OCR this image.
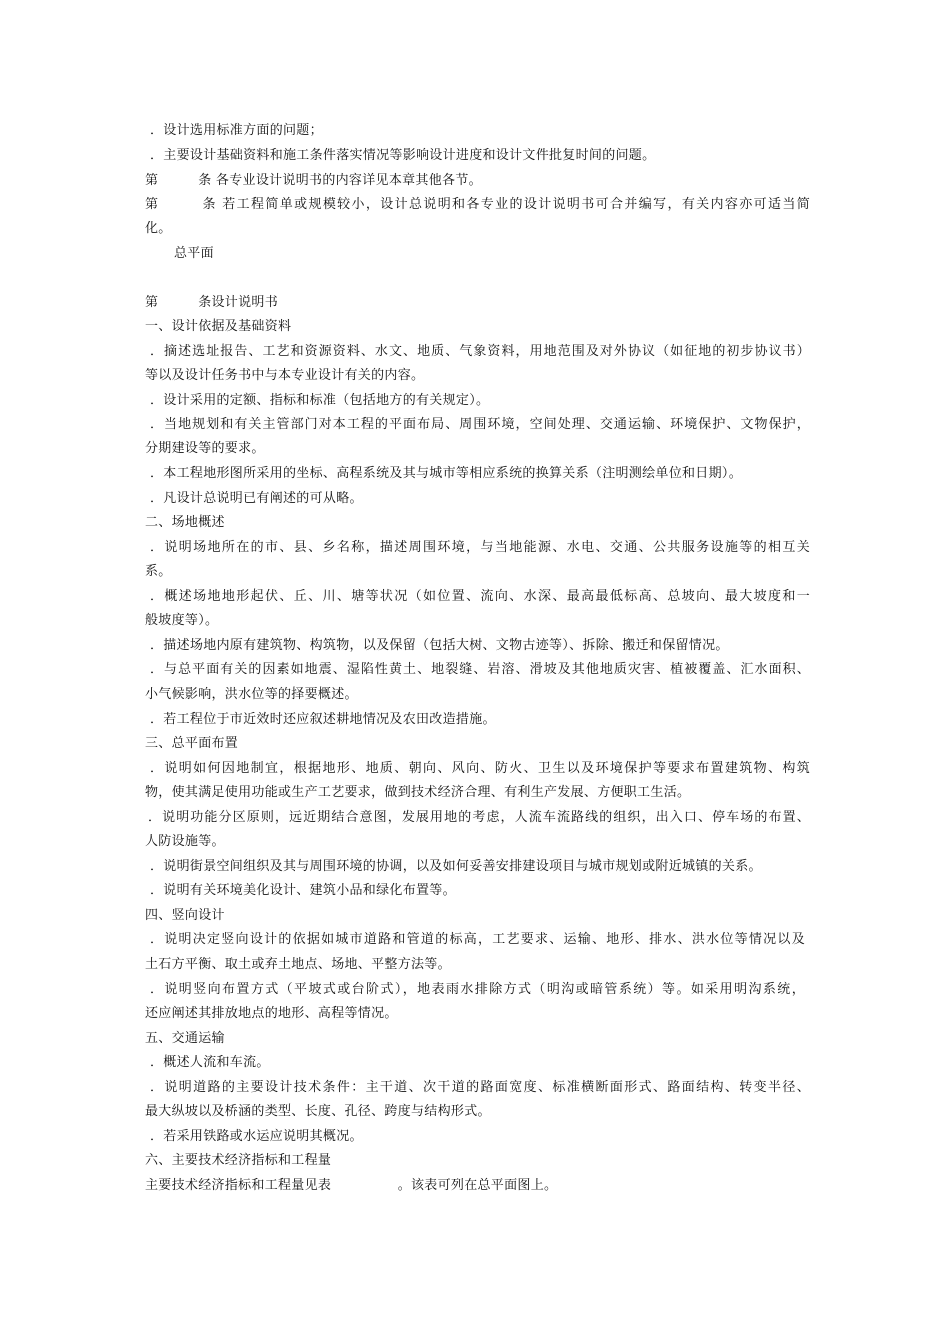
．设计选用标准方面的问题；
．主要设计基础资料和施工条件落实情况等影响设计进度和设计文件批复时间的问题。
第　　　条 各专业设计说明书的内容详见本章其他各节。
第　　　条 若工程简单或规模较小，设计总说明和各专业的设计说明书可合并编写，有关内容亦可适当简
化。
总平面
第　　　条设计说明书
一、设计依据及基础资料
．摘述选址报告、工艺和资源资料、水文、地质、气象资料，用地范围及对外协议（如征地的初步协议书）
等以及设计任务书中与本专业设计有关的内容。
．设计采用的定额、指标和标准（包括地方的有关规定）。
．当地规划和有关主管部门对本工程的平面布局、周围环境，空间处理、交通运输、环境保护、文物保护，
分期建设等的要求。
．本工程地形图所采用的坐标、高程系统及其与城市等相应系统的换算关系（注明测绘单位和日期）。
．凡设计总说明已有阐述的可从略。
二、场地概述
．说明场地所在的市、县、乡名称，描述周围环境，与当地能源、水电、交通、公共服务设施等的相互关
系。
．概述场地地形起伏、丘、川、塘等状况（如位置、流向、水深、最高最低标高、总坡向、最大坡度和一
般坡度等）。
．描述场地内原有建筑物、构筑物，以及保留（包括大树、文物古迹等）、拆除、搬迁和保留情况。
．与总平面有关的因素如地震、湿陷性黄土、地裂缝、岩溶、滑坡及其他地质灾害、植被覆盖、汇水面积、
小气候影响，洪水位等的择要概述。
．若工程位于市近效时还应叙述耕地情况及农田改造措施。
三、总平面布置
．说明如何因地制宜，根据地形、地质、朝向、风向、防火、卫生以及环境保护等要求布置建筑物、构筑
物，使其满足使用功能或生产工艺要求，做到技术经济合理、有利生产发展、方便职工生活。
．说明功能分区原则，远近期结合意图，发展用地的考虑，人流车流路线的组织，出入口、停车场的布置、
人防设施等。
．说明街景空间组织及其与周围环境的协调，以及如何妥善安排建设项目与城市规划或附近城镇的关系。
．说明有关环境美化设计、建筑小品和绿化布置等。
四、竖向设计
．说明决定竖向设计的依据如城市道路和管道的标高，工艺要求、运输、地形、排水、洪水位等情况以及
土石方平衡、取土或弃土地点、场地、平整方法等。
．说明竖向布置方式（平坡式或台阶式），地表雨水排除方式（明沟或暗管系统）等。如采用明沟系统，
还应阐述其排放地点的地形、高程等情况。
五、交通运输
．概述人流和车流。
．说明道路的主要设计技术条件：主干道、次干道的路面宽度、标准横断面形式、路面结构、转变半径、
最大纵坡以及桥涵的类型、长度、孔径、跨度与结构形式。
．若采用铁路或水运应说明其概况。
六、主要技术经济指标和工程量
主要技术经济指标和工程量见表　　　　　。该表可列在总平面图上。
